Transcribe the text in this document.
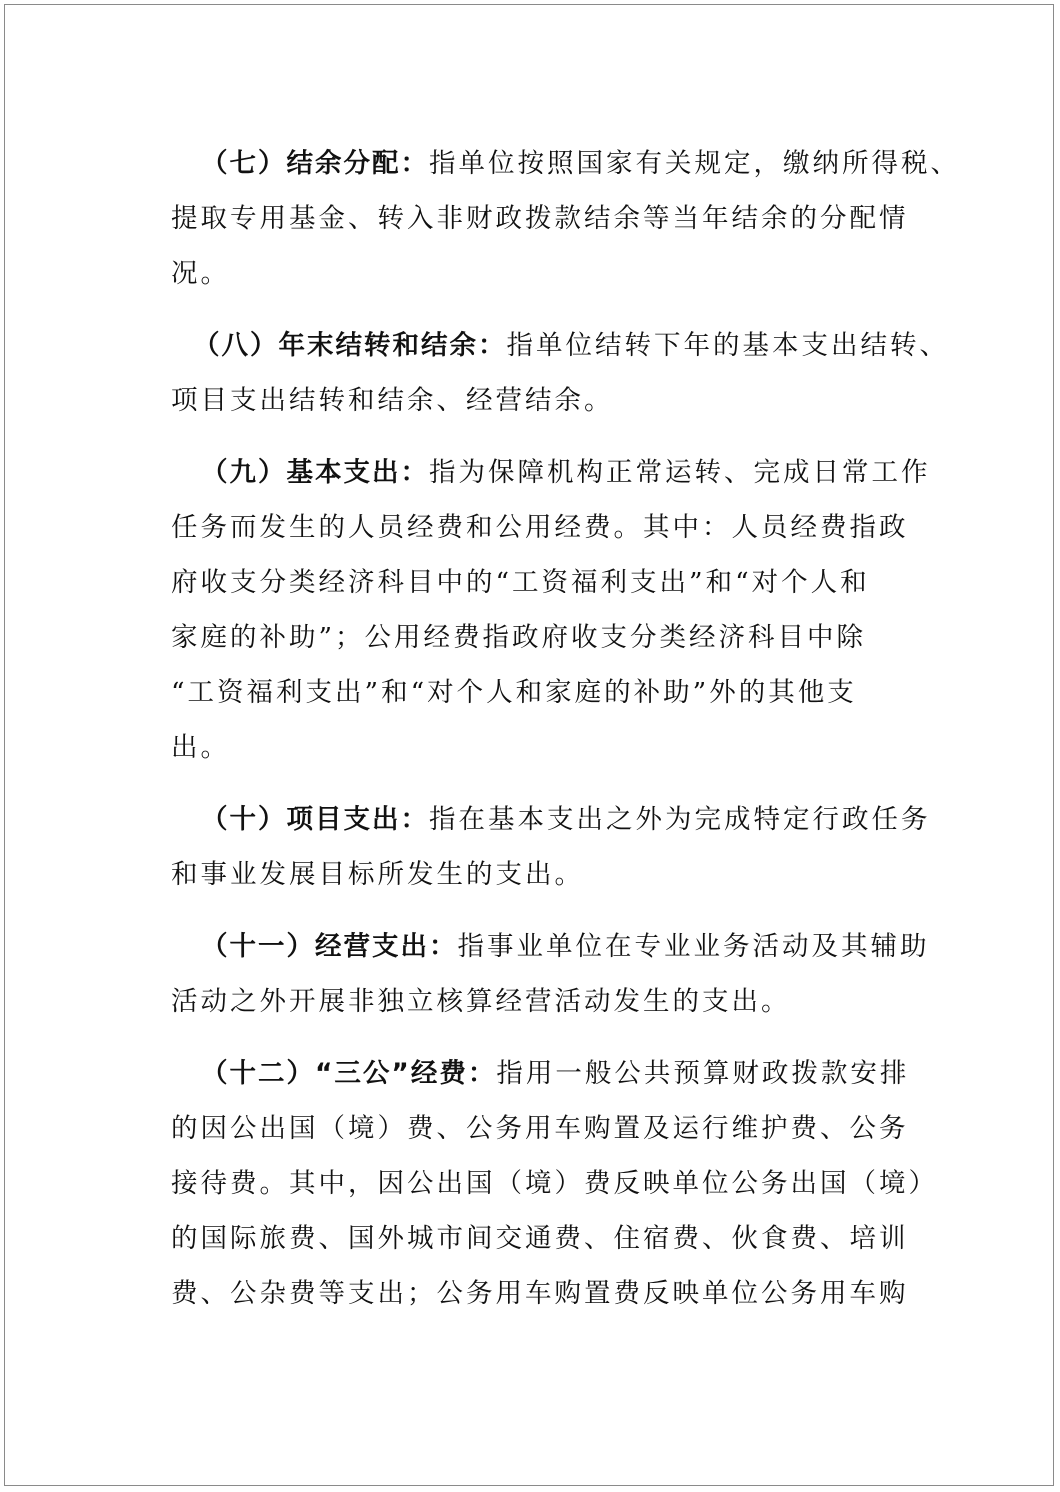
（七）结余分配：指单位按照国家有关规定，缴纳所得税、
提取专用基金、转入非财政拨款结余等当年结余的分配情
况。

（八）年末结转和结余：指单位结转下年的基本支出结转、
项目支出结转和结余、经营结余。

（九）基本支出：指为保障机构正常运转、完成日常工作
任务而发生的人员经费和公用经费。其中：人员经费指政
府收支分类经济科目中的“工资福利支出”和“对个人和
家庭的补助”；公用经费指政府收支分类经济科目中除
“工资福利支出”和“对个人和家庭的补助”外的其他支
出。

（十）项目支出：指在基本支出之外为完成特定行政任务
和事业发展目标所发生的支出。

（十一）经营支出：指事业单位在专业业务活动及其辅助
活动之外开展非独立核算经营活动发生的支出。

（十二）“三公”经费：指用一般公共预算财政拨款安排
的因公出国（境）费、公务用车购置及运行维护费、公务
接待费。其中，因公出国（境）费反映单位公务出国（境）
的国际旅费、国外城市间交通费、住宿费、伙食费、培训
费、公杂费等支出；公务用车购置费反映单位公务用车购
